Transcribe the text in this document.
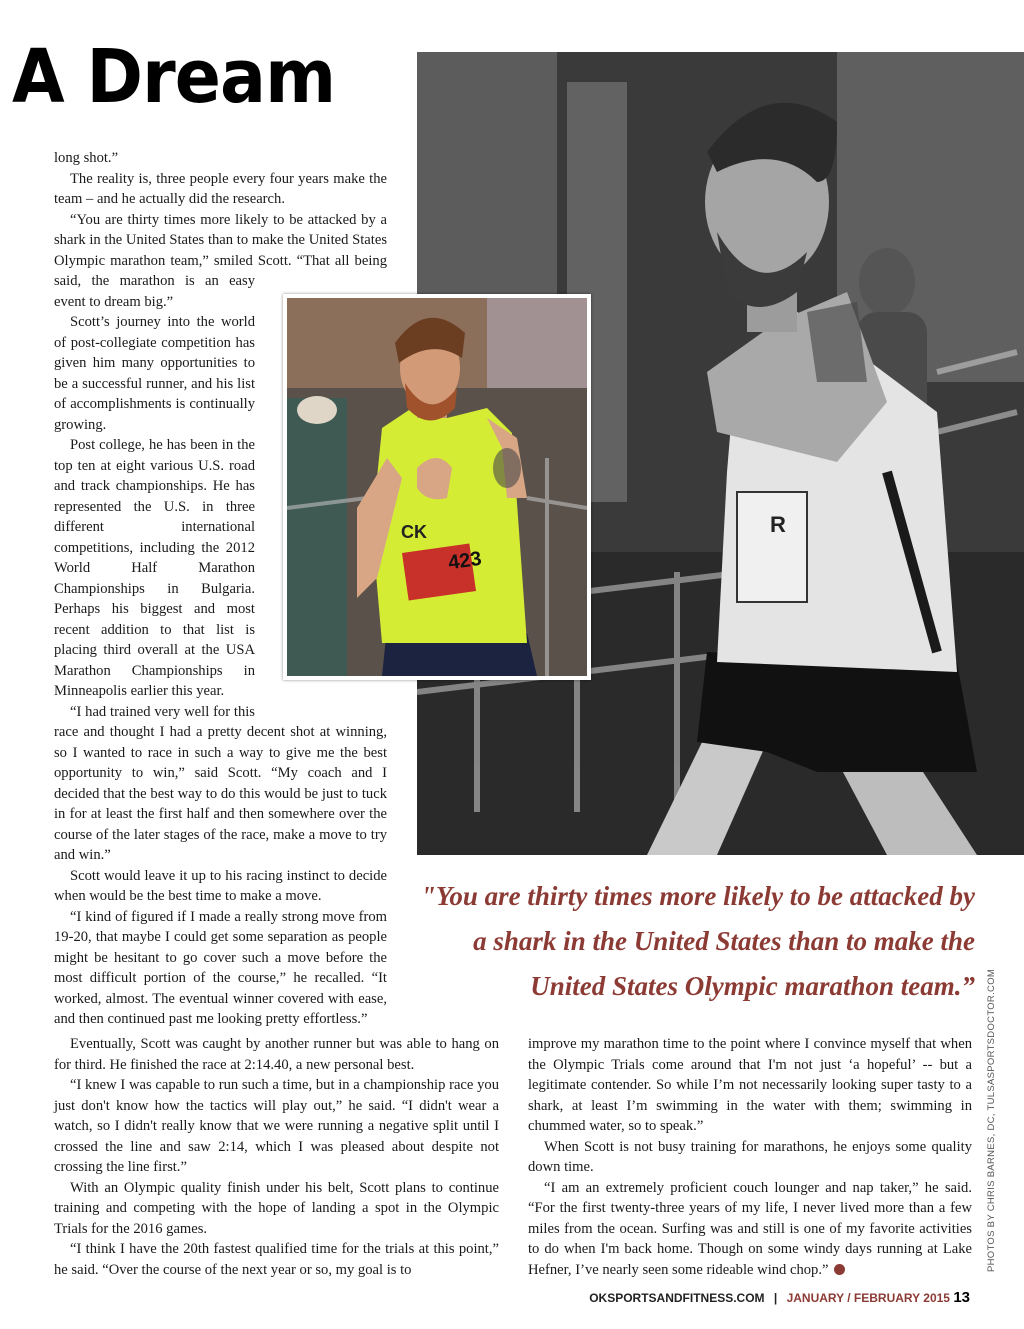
A Dream
R
423
CK

long shot.”

The reality is, three people every four years make the team – and he actually did the research.

“You are thirty times more likely to be attacked by a shark in the United States than to make the United States Olympic marathon team,” smiled Scott. “That all being said, the marathon is an easy event to dream big.”

Scott’s journey into the world of post-collegiate competition has given him many opportunities to be a successful runner, and his list of accomplishments is continually growing.

Post college, he has been in the top ten at eight various U.S. road and track championships. He has represented the U.S. in three different international competitions, including the 2012 World Half Marathon Championships in Bulgaria. Perhaps his biggest and most recent addition to that list is placing third overall at the USA Marathon Championships in Minneapolis earlier this year.

“I had trained very well for this race and thought I had a pretty decent shot at winning, so I wanted to race in such a way to give me the best opportunity to win,” said Scott. “My coach and I decided that the best way to do this would be just to tuck in for at least the first half and then somewhere over the course of the later stages of the race, make a move to try and win.”

Scott would leave it up to his racing instinct to decide when would be the best time to make a move.

“I kind of figured if I made a really strong move from 19-20, that maybe I could get some separation as people might be hesitant to go cover such a move before the most difficult portion of the course,” he recalled. “It worked, almost. The eventual winner covered with ease, and then continued past me looking pretty effortless.”

Eventually, Scott was caught by another runner but was able to hang on for third. He finished the race at 2:14.40, a new personal best.

“I knew I was capable to run such a time, but in a championship race you just don't know how the tactics will play out,” he said. “I didn't wear a watch, so I didn't really know that we were running a negative split until I crossed the line and saw 2:14, which I was pleased about despite not crossing the line first.”

With an Olympic quality finish under his belt, Scott plans to continue training and competing with the hope of landing a spot in the Olympic Trials for the 2016 games.

“I think I have the 20th fastest qualified time for the trials at this point,” he said. “Over the course of the next year or so, my goal is to

improve my marathon time to the point where I convince myself that when the Olympic Trials come around that I'm not just ‘a hopeful’ -- but a legitimate contender. So while I’m not necessarily looking super tasty to a shark, at least I’m swimming in the water with them; swimming in chummed water, so to speak.”

When Scott is not busy training for marathons, he enjoys some quality down time.

“I am an extremely proficient couch lounger and nap taker,” he said. “For the first twenty-three years of my life, I never lived more than a few miles from the ocean. Surfing was and still is one of my favorite activities to do when I'm back home. Though on some windy days running at Lake Hefner, I’ve nearly seen some rideable wind chop.”

"You are thirty times more likely to be attacked by a shark in the United States than to make the United States Olympic marathon team.” PHOTOS BY CHRIS BARNES, DC, TULSASPORTSDOCTOR.COM
OKSPORTSANDFITNESS.COM | JANUARY / FEBRUARY 2015 13
